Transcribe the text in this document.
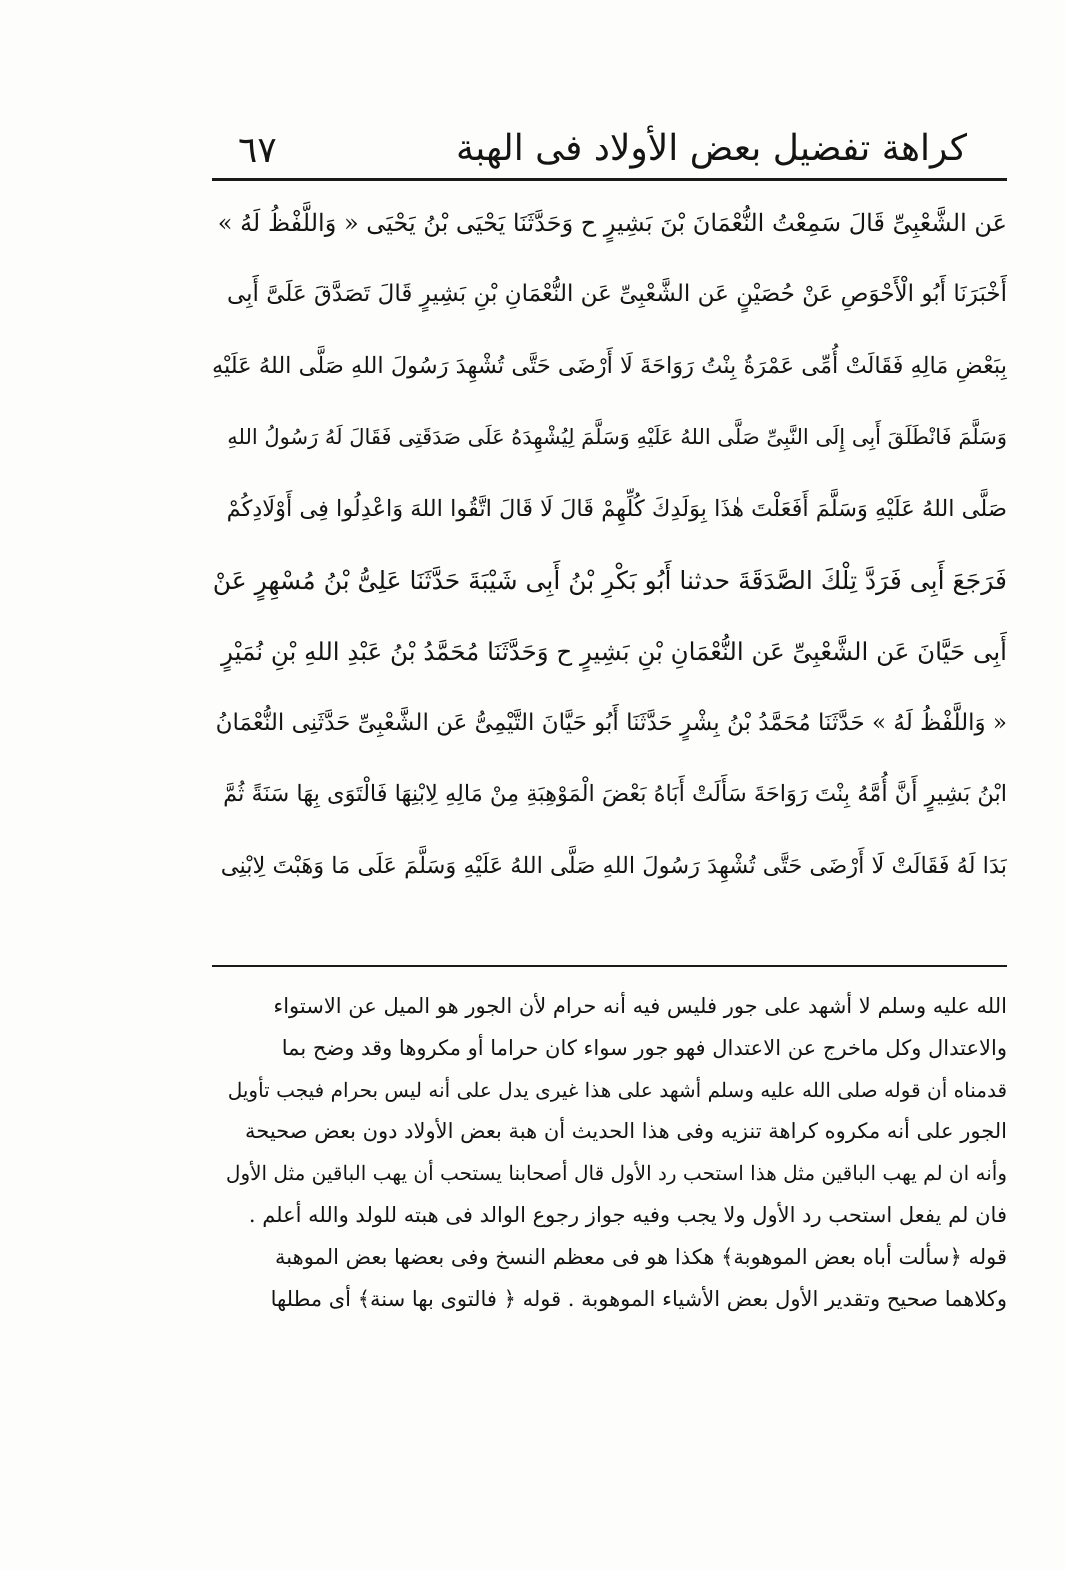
كراهة تفضيل بعض الأولاد فى الهبة
٦٧
عَن الشَّعْبِىِّ قَالَ سَمِعْتُ النُّعْمَانَ بْنَ بَشِيرٍ ح وَحَدَّثَنَا يَحْيَى بْنُ يَحْيَى « وَاللَّفْظُ لَهُ »
أَخْبَرَنَا أَبُو الْأَحْوَصِ عَنْ حُصَيْنٍ عَن الشَّعْبِىِّ عَن النُّعْمَانِ بْنِ بَشِيرٍ قَالَ تَصَدَّقَ عَلَىَّ أَبِى
بِبَعْضِ مَالِهِ فَقَالَتْ أُمِّى عَمْرَةُ بِنْتُ رَوَاحَةَ لَا أَرْضَى حَتَّى تُشْهِدَ رَسُولَ اللهِ صَلَّى اللهُ عَلَيْهِ
وَسَلَّمَ فَانْطَلَقَ أَبِى إِلَى النَّبِىِّ صَلَّى اللهُ عَلَيْهِ وَسَلَّمَ لِيُشْهِدَهُ عَلَى صَدَقَتِى فَقَالَ لَهُ رَسُولُ اللهِ
صَلَّى اللهُ عَلَيْهِ وَسَلَّمَ أَفَعَلْتَ هٰذَا بِوَلَدِكَ كُلِّهِمْ قَالَ لَا قَالَ اتَّقُوا اللهَ وَاعْدِلُوا فِى أَوْلَادِكُمْ
فَرَجَعَ أَبِى فَرَدَّ تِلْكَ الصَّدَقَةَ حدثنا أَبُو بَكْرِ بْنُ أَبِى شَيْبَةَ حَدَّثَنَا عَلِىُّ بْنُ مُسْهِرٍ عَنْ
أَبِى حَيَّانَ عَن الشَّعْبِىِّ عَن النُّعْمَانِ بْنِ بَشِيرٍ ح وَحَدَّثَنَا مُحَمَّدُ بْنُ عَبْدِ اللهِ بْنِ نُمَيْرٍ
« وَاللَّفْظُ لَهُ » حَدَّثَنَا مُحَمَّدُ بْنُ بِشْرٍ حَدَّثَنَا أَبُو حَيَّانَ التَّيْمِىُّ عَن الشَّعْبِىِّ حَدَّثَنِى النُّعْمَانُ
ابْنُ بَشِيرٍ أَنَّ أُمَّهُ بِنْتَ رَوَاحَةَ سَأَلَتْ أَبَاهُ بَعْضَ الْمَوْهِبَةِ مِنْ مَالِهِ لِابْنِهَا فَالْتَوَى بِهَا سَنَةً ثُمَّ
بَدَا لَهُ فَقَالَتْ لَا أَرْضَى حَتَّى تُشْهِدَ رَسُولَ اللهِ صَلَّى اللهُ عَلَيْهِ وَسَلَّمَ عَلَى مَا وَهَبْتَ لِابْنِى
الله عليه وسلم لا أشهد على جور فليس فيه أنه حرام لأن الجور هو الميل عن الاستواء
والاعتدال وكل ماخرج عن الاعتدال فهو جور سواء كان حراما أو مكروها وقد وضح بما
قدمناه أن قوله صلى الله عليه وسلم أشهد على هذا غيرى يدل على أنه ليس بحرام فيجب تأويل
الجور على أنه مكروه كراهة تنزيه وفى هذا الحديث أن هبة بعض الأولاد دون بعض صحيحة
وأنه ان لم يهب الباقين مثل هذا استحب رد الأول قال أصحابنا يستحب أن يهب الباقين مثل الأول
فان لم يفعل استحب رد الأول ولا يجب وفيه جواز رجوع الوالد فى هبته للولد والله أعلم .
قوله ﴿سألت أباه بعض الموهوبة﴾ هكذا هو فى معظم النسخ وفى بعضها بعض الموهبة
وكلاهما صحيح وتقدير الأول بعض الأشياء الموهوبة . قوله ﴿ فالتوى بها سنة﴾ أى مطلها
